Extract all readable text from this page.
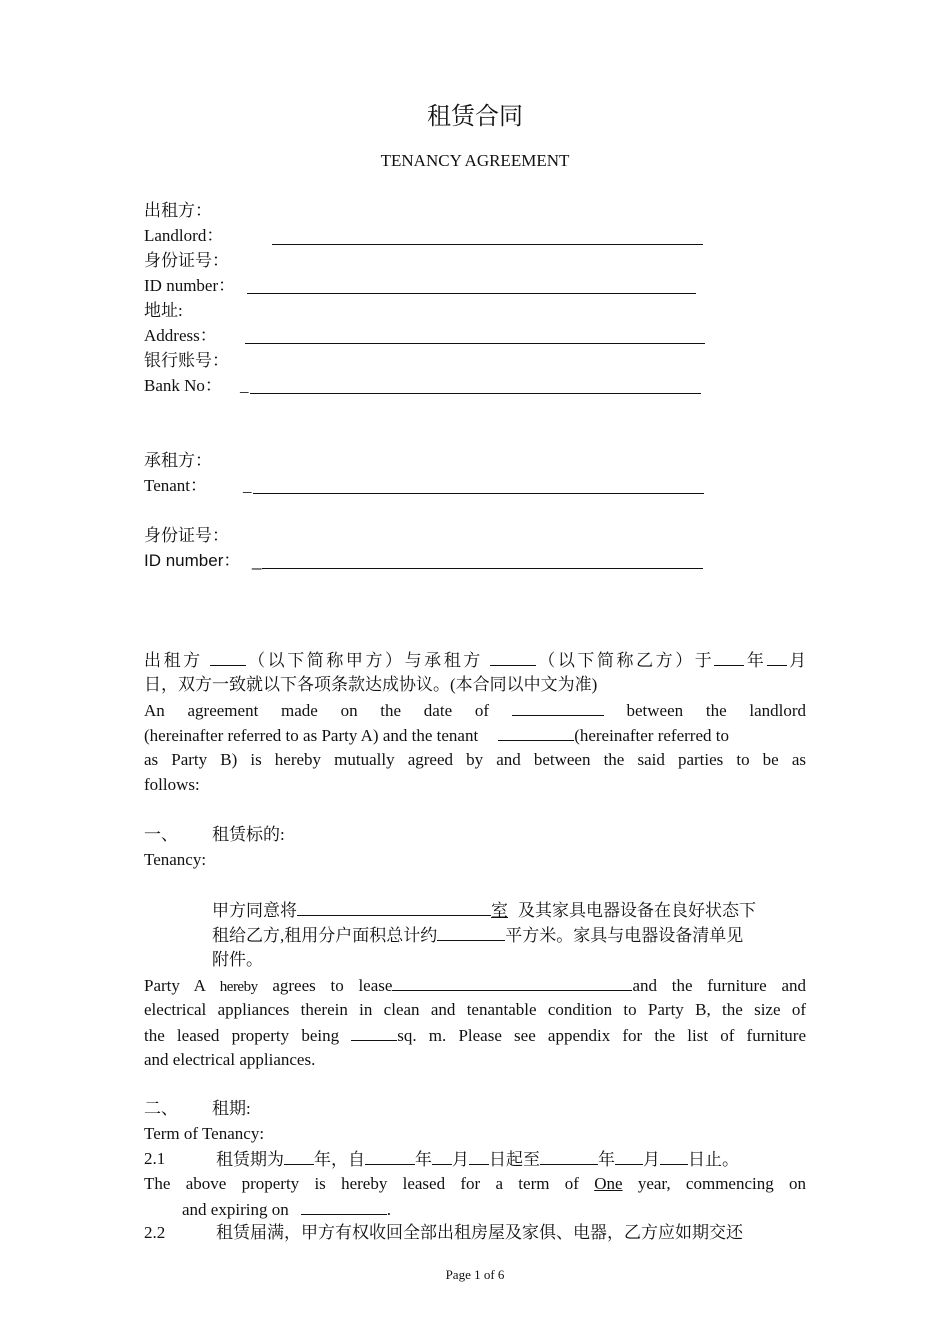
租赁合同
TENANCY AGREEMENT
出租方：
Landlord：
身份证号：
ID number：
地址:
Address：
银行账号：
Bank No： _
承租方：
Tenant： _
身份证号：
ID number： _
出租方	（以下简称甲方）与承租方	（以下简称乙方）于 年 月
日，双方一致就以下各项条款达成协议。(本合同以中文为准)
An agreement made on the date of	between the landlord
(hereinafter referred to as Party A) and the tenant	(hereinafter referred to
as Party B) is hereby mutually agreed by and between the said parties to be as
follows:
一、 租赁标的:
Tenancy:
甲方同意将	室 及其家具电器设备在良好状态下
租给乙方,租用分户面积总计约	平方米。家具与电器设备清单见
附件。
Party A hereby agrees to lease	and the furniture and
electrical appliances therein in clean and tenantable condition to Party B, the size of
the leased property being	sq. m. Please see appendix for the list of furniture
and electrical appliances.
二、 租期:
Term of Tenancy:
2.1	租赁期为 年，自	年 月 日起至	年 月 日止。
The above property is hereby leased for a term of One year, commencing on
and expiring on	.
2.2	租赁届满，甲方有权收回全部出租房屋及家俱、电器，乙方应如期交还
Page 1 of 6
